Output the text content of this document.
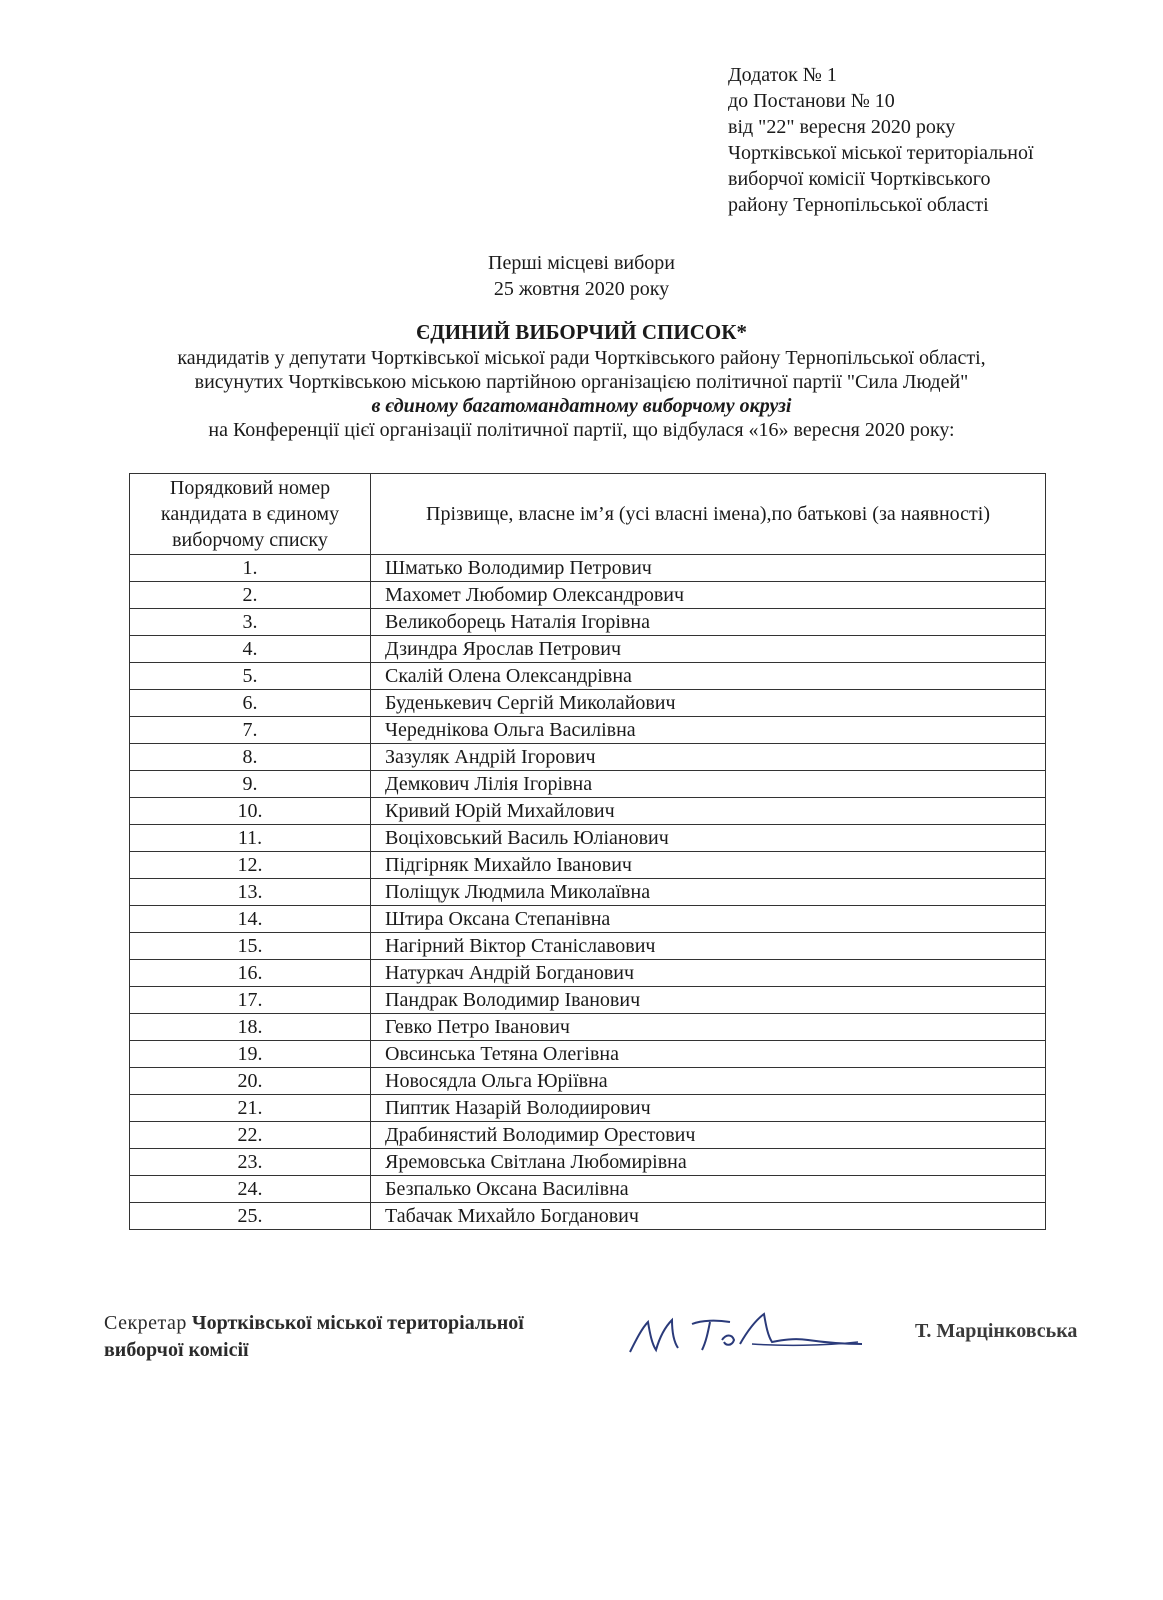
Додаток № 1
до Постанови № 10
від "22" вересня 2020 року
Чортківської міської територіальної
виборчої комісії Чортківського
району Тернопільської області
Перші місцеві вибори
25 жовтня 2020 року
ЄДИНИЙ ВИБОРЧИЙ СПИСОК*
кандидатів у депутати Чортківської міської ради Чортківського району Тернопільської області,
висунутих Чортківською міською партійною організацією політичної партії "Сила Людей"
в єдиному багатомандатному виборчому окрузі
на Конференції цієї організації політичної партії, що відбулася «16» вересня 2020 року:
Порядковий номер кандидата в єдиному виборчому списку	Прізвище, власне ім’я (усі власні імена),по батькові (за наявності)
1.	Шматько Володимир Петрович
2.	Махомет Любомир Олександрович
3.	Великоборець Наталія Ігорівна
4.	Дзиндра Ярослав Петрович
5.	Скалій Олена Олександрівна
6.	Буденькевич Сергій Миколайович
7.	Череднікова Ольга Василівна
8.	Зазуляк Андрій Ігорович
9.	Демкович Лілія Ігорівна
10.	Кривий Юрій Михайлович
11.	Воціховський Василь Юліанович
12.	Підгірняк Михайло Іванович
13.	Поліщук Людмила Миколаївна
14.	Штира Оксана Степанівна
15.	Нагірний Віктор Станіславович
16.	Натуркач Андрій Богданович
17.	Пандрак Володимир Іванович
18.	Гевко Петро Іванович
19.	Овсинська Тетяна Олегівна
20.	Новосядла Ольга Юріївна
21.	Пиптик Назарій Володиирович
22.	Драбинястий Володимир Орестович
23.	Яремовська Світлана Любомирівна
24.	Безпалько Оксана Василівна
25.	Табачак Михайло Богданович
Секретар Чортківської міської територіальної
виборчої комісії
Т. Марцінковська
